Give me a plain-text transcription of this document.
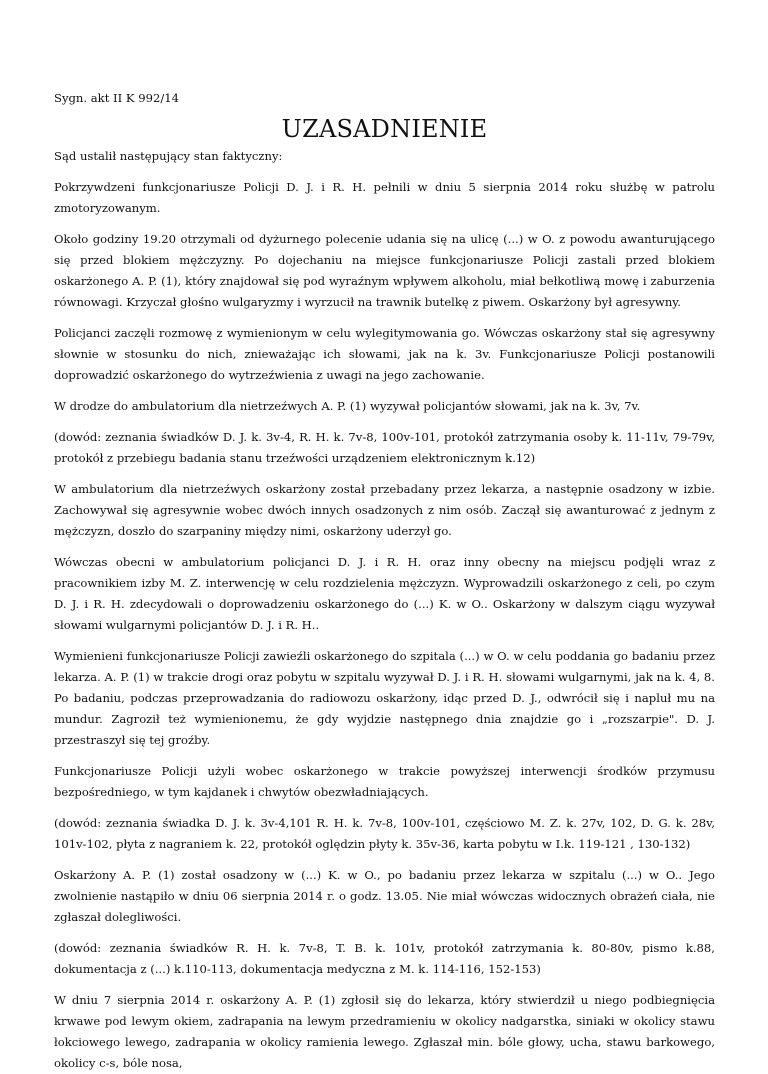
Sygn. akt II K 992/14

UZASADNIENIE

Sąd ustalił następujący stan faktyczny:

Pokrzywdzeni funkcjonariusze Policji D. J. i R. H. pełnili w dniu 5 sierpnia 2014 roku służbę w patrolu zmotoryzowanym.

Około godziny 19.20 otrzymali od dyżurnego polecenie udania się na ulicę (...) w O. z powodu awanturującego się przed blokiem mężczyzny. Po dojechaniu na miejsce funkcjonariusze Policji zastali przed blokiem oskarżonego A. P. (1), który znajdował się pod wyraźnym wpływem alkoholu, miał bełkotliwą mowę i zaburzenia równowagi. Krzyczał głośno wulgaryzmy i wyrzucił na trawnik butelkę z piwem. Oskarżony był agresywny.

Policjanci zaczęli rozmowę z wymienionym w celu wylegitymowania go. Wówczas oskarżony stał się agresywny słownie w stosunku do nich, znieważając ich słowami, jak na k. 3v. Funkcjonariusze Policji postanowili doprowadzić oskarżonego do wytrzeźwienia z uwagi na jego zachowanie.

W drodze do ambulatorium dla nietrzeźwych A. P. (1) wyzywał policjantów słowami, jak na k. 3v, 7v.

(dowód: zeznania świadków D. J. k. 3v-4, R. H. k. 7v-8, 100v-101, protokół zatrzymania osoby k. 11-11v, 79-79v, protokół z przebiegu badania stanu trzeźwości urządzeniem elektronicznym k.12)

W ambulatorium dla nietrzeźwych oskarżony został przebadany przez lekarza, a następnie osadzony w izbie. Zachowywał się agresywnie wobec dwóch innych osadzonych z nim osób. Zaczął się awanturować z jednym z mężczyzn, doszło do szarpaniny między nimi, oskarżony uderzył go.

Wówczas obecni w ambulatorium policjanci D. J. i R. H. oraz inny obecny na miejscu podjęli wraz z pracownikiem izby M. Z. interwencję w celu rozdzielenia mężczyzn. Wyprowadzili oskarżonego z celi, po czym D. J. i R. H. zdecydowali o doprowadzeniu oskarżonego do (...) K. w O.. Oskarżony w dalszym ciągu wyzywał słowami wulgarnymi policjantów D. J. i R. H..

Wymienieni funkcjonariusze Policji zawieźli oskarżonego do szpitala (...) w O. w celu poddania go badaniu przez lekarza. A. P. (1) w trakcie drogi oraz pobytu w szpitalu wyzywał D. J. i R. H. słowami wulgarnymi, jak na k. 4, 8. Po badaniu, podczas przeprowadzania do radiowozu oskarżony, idąc przed D. J., odwrócił się i napluł mu na mundur. Zagroził też wymienionemu, że gdy wyjdzie następnego dnia znajdzie go i „rozszarpie". D. J. przestraszył się tej groźby.

Funkcjonariusze Policji użyli wobec oskarżonego w trakcie powyższej interwencji środków przymusu bezpośredniego, w tym kajdanek i chwytów obezwładniających.

(dowód: zeznania świadka D. J. k. 3v-4,101 R. H. k. 7v-8, 100v-101, częściowo M. Z. k. 27v, 102, D. G. k. 28v, 101v-102, płyta z nagraniem k. 22, protokół oględzin płyty k. 35v-36, karta pobytu w I.k. 119-121 , 130-132)

Oskarżony A. P. (1) został osadzony w (...) K. w O., po badaniu przez lekarza w szpitalu (...) w O.. Jego zwolnienie nastąpiło w dniu 06 sierpnia 2014 r. o godz. 13.05. Nie miał wówczas widocznych obrażeń ciała, nie zgłaszał dolegliwości.

(dowód: zeznania świadków R. H. k. 7v-8, T. B. k. 101v, protokół zatrzymania k. 80-80v, pismo k.88, dokumentacja z (...) k.110-113, dokumentacja medyczna z M. k. 114-116, 152-153)

W dniu 7 sierpnia 2014 r. oskarżony A. P. (1) zgłosił się do lekarza, który stwierdził u niego podbiegnięcia krwawe pod lewym okiem, zadrapania na lewym przedramieniu w okolicy nadgarstka, siniaki w okolicy stawu łokciowego lewego, zadrapania w okolicy ramienia lewego. Zgłaszał min. bóle głowy, ucha, stawu barkowego, okolicy c-s, bóle nosa,
